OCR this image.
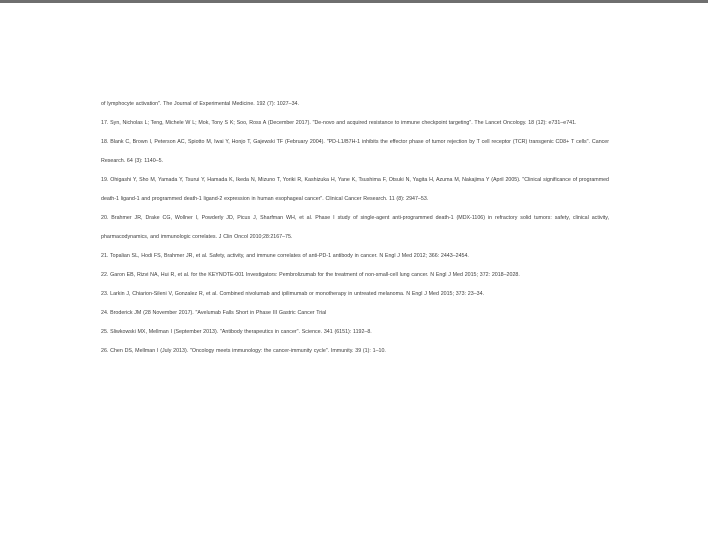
of lymphocyte activation". The Journal of Experimental Medicine. 192 (7): 1027–34.
17. Syn, Nicholas L; Teng, Michele W L; Mok, Tony S K; Soo, Ross A (December 2017). "De-novo and acquired resistance to immune checkpoint targeting". The Lancet Oncology. 18 (12): e731–e741.
18. Blank C, Brown I, Peterson AC, Spiotto M, Iwai Y, Honjo T, Gajewski TF (February 2004). "PD-L1/B7H-1 inhibits the effector phase of tumor rejection by T cell receptor (TCR) transgenic CD8+ T cells". Cancer Research. 64 (3): 1140–5.
19. Ohigashi Y, Sho M, Yamada Y, Tsurui Y, Hamada K, Ikeda N, Mizuno T, Yoriki R, Kashizuka H, Yane K, Tsushima F, Otsuki N, Yagita H, Azuma M, Nakajima Y (April 2005). "Clinical significance of programmed death-1 ligand-1 and programmed death-1 ligand-2 expression in human esophageal cancer". Clinical Cancer Research. 11 (8): 2947–53.
20. Brahmer JR, Drake CG, Wollner I, Powderly JD, Picus J, Sharfman WH, et al. Phase I study of single-agent anti-programmed death-1 (MDX-1106) in refractory solid tumors: safety, clinical activity, pharmacodynamics, and immunologic correlates. J Clin Oncol 2010;28:2167–75.
21. Topalian SL, Hodi FS, Brahmer JR, et al. Safety, activity, and immune correlates of anti-PD-1 antibody in cancer. N Engl J Med 2012; 366: 2443–2454.
22. Garon EB, Rizvi NA, Hui R, et al. for the KEYNOTE-001 Investigators: Pembrolizumab for the treatment of non-small-cell lung cancer. N Engl J Med 2015; 372: 2018–2028.
23. Larkin J, Chiarion-Sileni V, Gonzalez R, et al. Combined nivolumab and ipilimumab or monotherapy in untreated melanoma. N Engl J Med 2015; 373: 23–34.
24. Broderick JM (28 November 2017). "Avelumab Falls Short in Phase III Gastric Cancer Trial
25. Sliwkowski MX, Mellman I (September 2013). "Antibody therapeutics in cancer". Science. 341 (6151): 1192–8.
26. Chen DS, Mellman I (July 2013). "Oncology meets immunology: the cancer-immunity cycle". Immunity. 39 (1): 1–10.
